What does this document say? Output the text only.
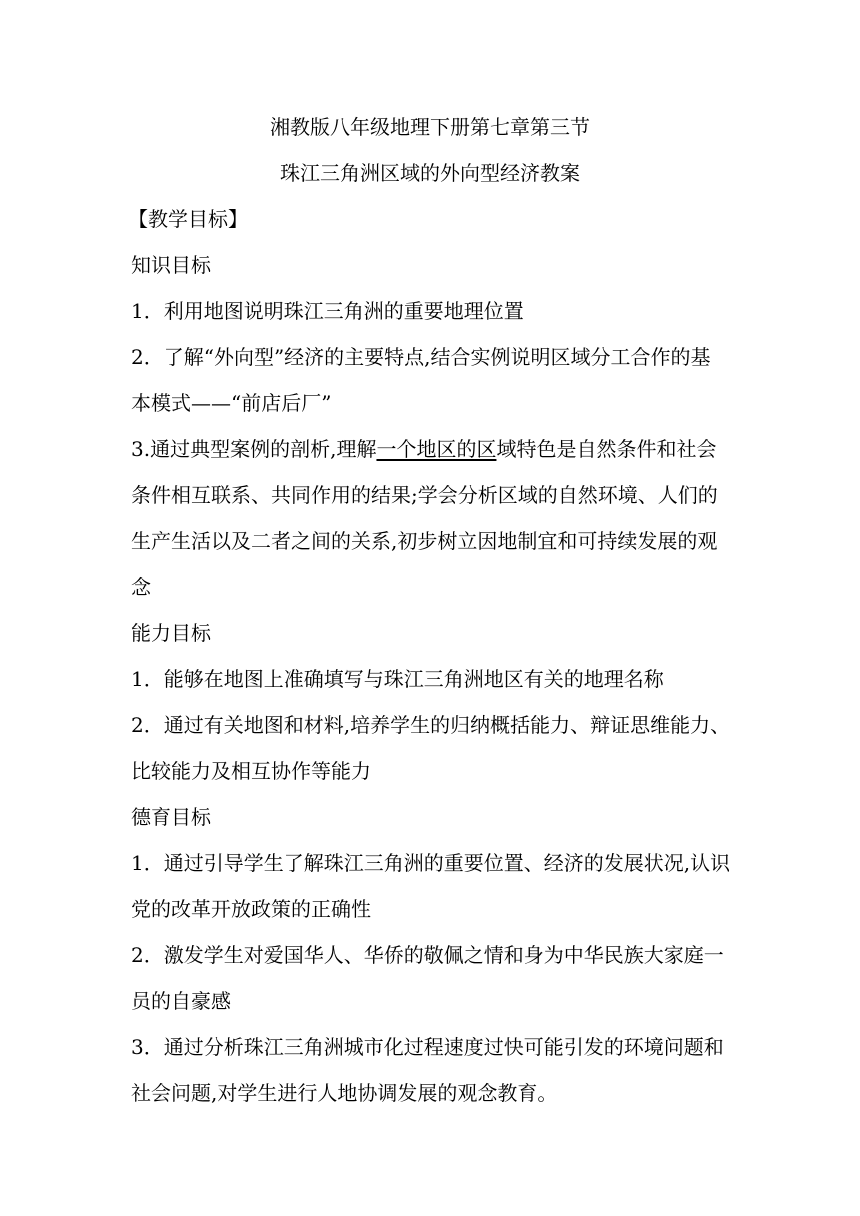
湘教版八年级地理下册第七章第三节
珠江三角洲区域的外向型经济教案
【教学目标】
知识目标
1．利用地图说明珠江三角洲的重要地理位置
2．了解“外向型”经济的主要特点,结合实例说明区域分工合作的基
本模式——“前店后厂”
3.通过典型案例的剖析,理解一个地区的区域特色是自然条件和社会
条件相互联系、共同作用的结果;学会分析区域的自然环境、人们的
生产生活以及二者之间的关系,初步树立因地制宜和可持续发展的观
念
能力目标
1．能够在地图上准确填写与珠江三角洲地区有关的地理名称
2．通过有关地图和材料,培养学生的归纳概括能力、辩证思维能力、
比较能力及相互协作等能力
德育目标
1．通过引导学生了解珠江三角洲的重要位置、经济的发展状况,认识
党的改革开放政策的正确性
2．激发学生对爱国华人、华侨的敬佩之情和身为中华民族大家庭一
员的自豪感
3．通过分析珠江三角洲城市化过程速度过快可能引发的环境问题和
社会问题,对学生进行人地协调发展的观念教育。
